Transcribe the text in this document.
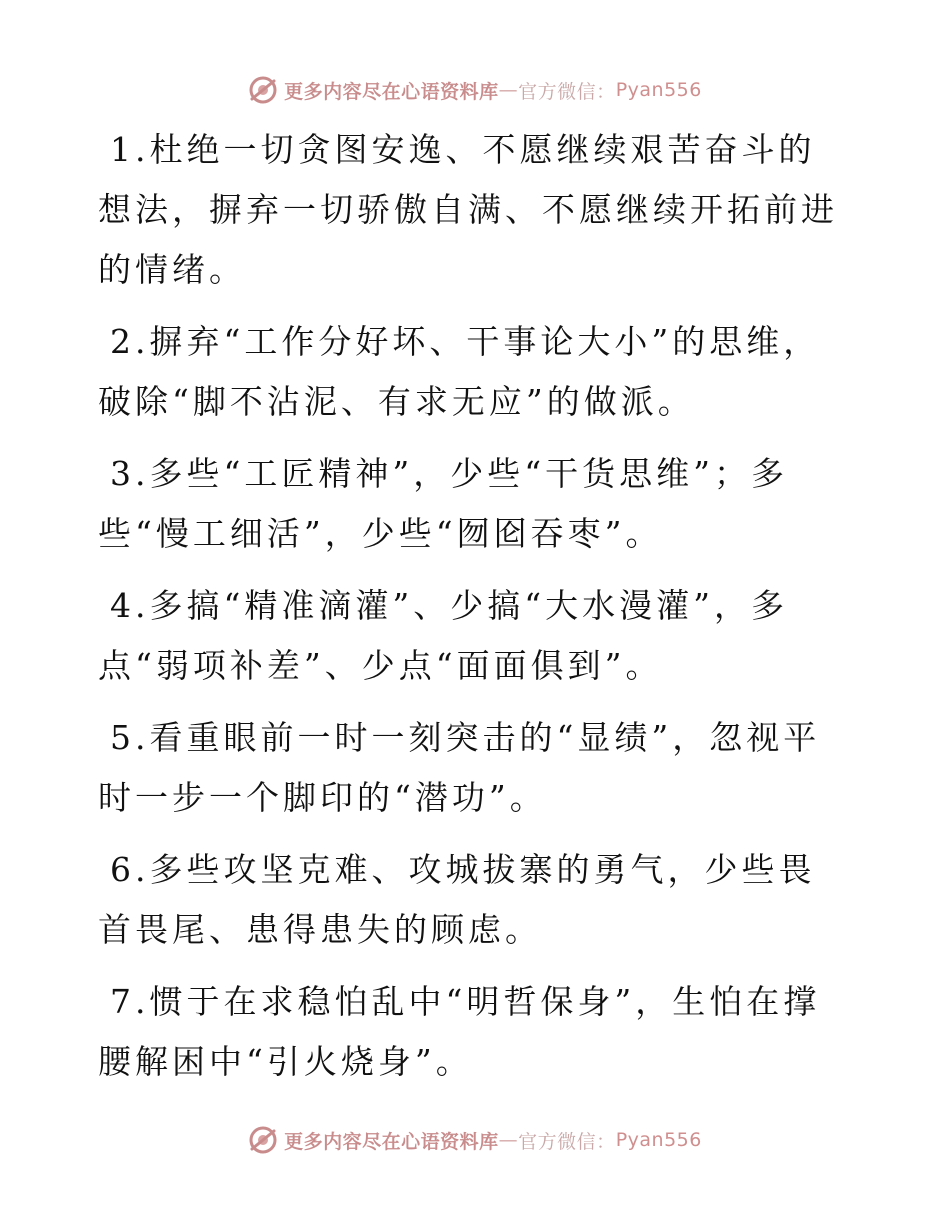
更多内容尽在心语资料库 — 官方微信： Pyan556

1.杜绝一切贪图安逸、不愿继续艰苦奋斗的想法，摒弃一切骄傲自满、不愿继续开拓前进的情绪。

2.摒弃“工作分好坏、干事论大小”的思维，破除“脚不沾泥、有求无应”的做派。

3.多些“工匠精神”，少些“干货思维”；多些“慢工细活”，少些“囫囵吞枣”。

4.多搞“精准滴灌”、少搞“大水漫灌”，多点“弱项补差”、少点“面面俱到”。

5.看重眼前一时一刻突击的“显绩”，忽视平时一步一个脚印的“潜功”。

6.多些攻坚克难、攻城拔寨的勇气，少些畏首畏尾、患得患失的顾虑。

7.惯于在求稳怕乱中“明哲保身”，生怕在撑腰解困中“引火烧身”。

更多内容尽在心语资料库 — 官方微信： Pyan556
